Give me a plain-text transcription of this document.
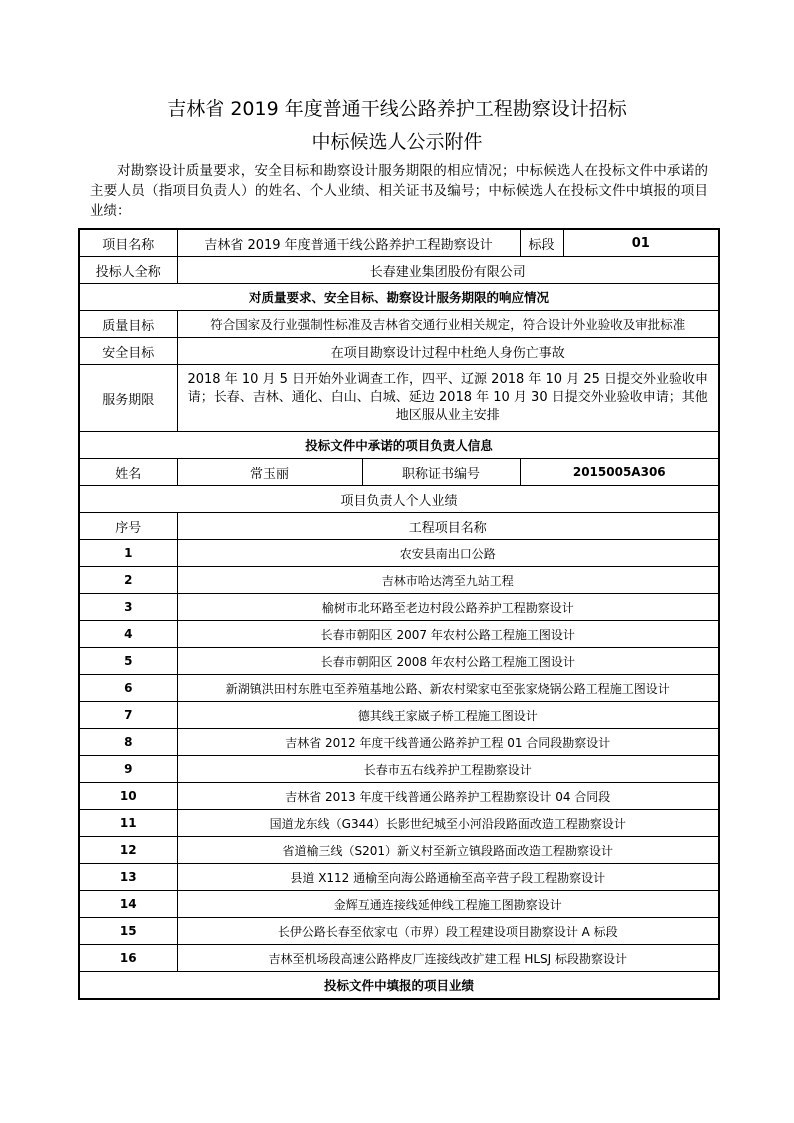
吉林省 2019 年度普通干线公路养护工程勘察设计招标
中标候选人公示附件

对勘察设计质量要求，安全目标和勘察设计服务期限的相应情况；中标候选人在投标文件中承诺的主要人员（指项目负责人）的姓名、个人业绩、相关证书及编号；中标候选人在投标文件中填报的项目业绩：

项目名称	吉林省 2019 年度普通干线公路养护工程勘察设计		标段	01
投标人全称	长春建业集团股份有限公司			
对质量要求、安全目标、勘察设计服务期限的响应情况				
质量目标	符合国家及行业强制性标准及吉林省交通行业相关规定，符合设计外业验收及审批标准			
安全目标	在项目勘察设计过程中杜绝人身伤亡事故			
服务期限	2018 年 10 月 5 日开始外业调查工作，四平、辽源 2018 年 10 月 25 日提交外业验收申请；长春、吉林、通化、白山、白城、延边 2018 年 10 月 30 日提交外业验收申请；其他地区服从业主安排			
投标文件中承诺的项目负责人信息				
姓名	常玉丽	职称证书编号	2015005A306	
项目负责人个人业绩				
序号	工程项目名称			
1	农安县南出口公路			
2	吉林市哈达湾至九站工程			
3	榆树市北环路至老边村段公路养护工程勘察设计			
4	长春市朝阳区 2007 年农村公路工程施工图设计			
5	长春市朝阳区 2008 年农村公路工程施工图设计			
6	新湖镇洪田村东胜屯至养殖基地公路、新农村梁家屯至张家烧锅公路工程施工图设计			
7	德其线王家崴子桥工程施工图设计			
8	吉林省 2012 年度干线普通公路养护工程 01 合同段勘察设计			
9	长春市五右线养护工程勘察设计			
10	吉林省 2013 年度干线普通公路养护工程勘察设计 04 合同段			
11	国道龙东线（G344）长影世纪城至小河沿段路面改造工程勘察设计			
12	省道榆三线（S201）新义村至新立镇段路面改造工程勘察设计			
13	县道 X112 通榆至向海公路通榆至高辛营子段工程勘察设计			
14	金辉互通连接线延伸线工程施工图勘察设计			
15	长伊公路长春至依家屯（市界）段工程建设项目勘察设计 A 标段			
16	吉林至机场段高速公路桦皮厂连接线改扩建工程 HLSJ 标段勘察设计			
投标文件中填报的项目业绩				
